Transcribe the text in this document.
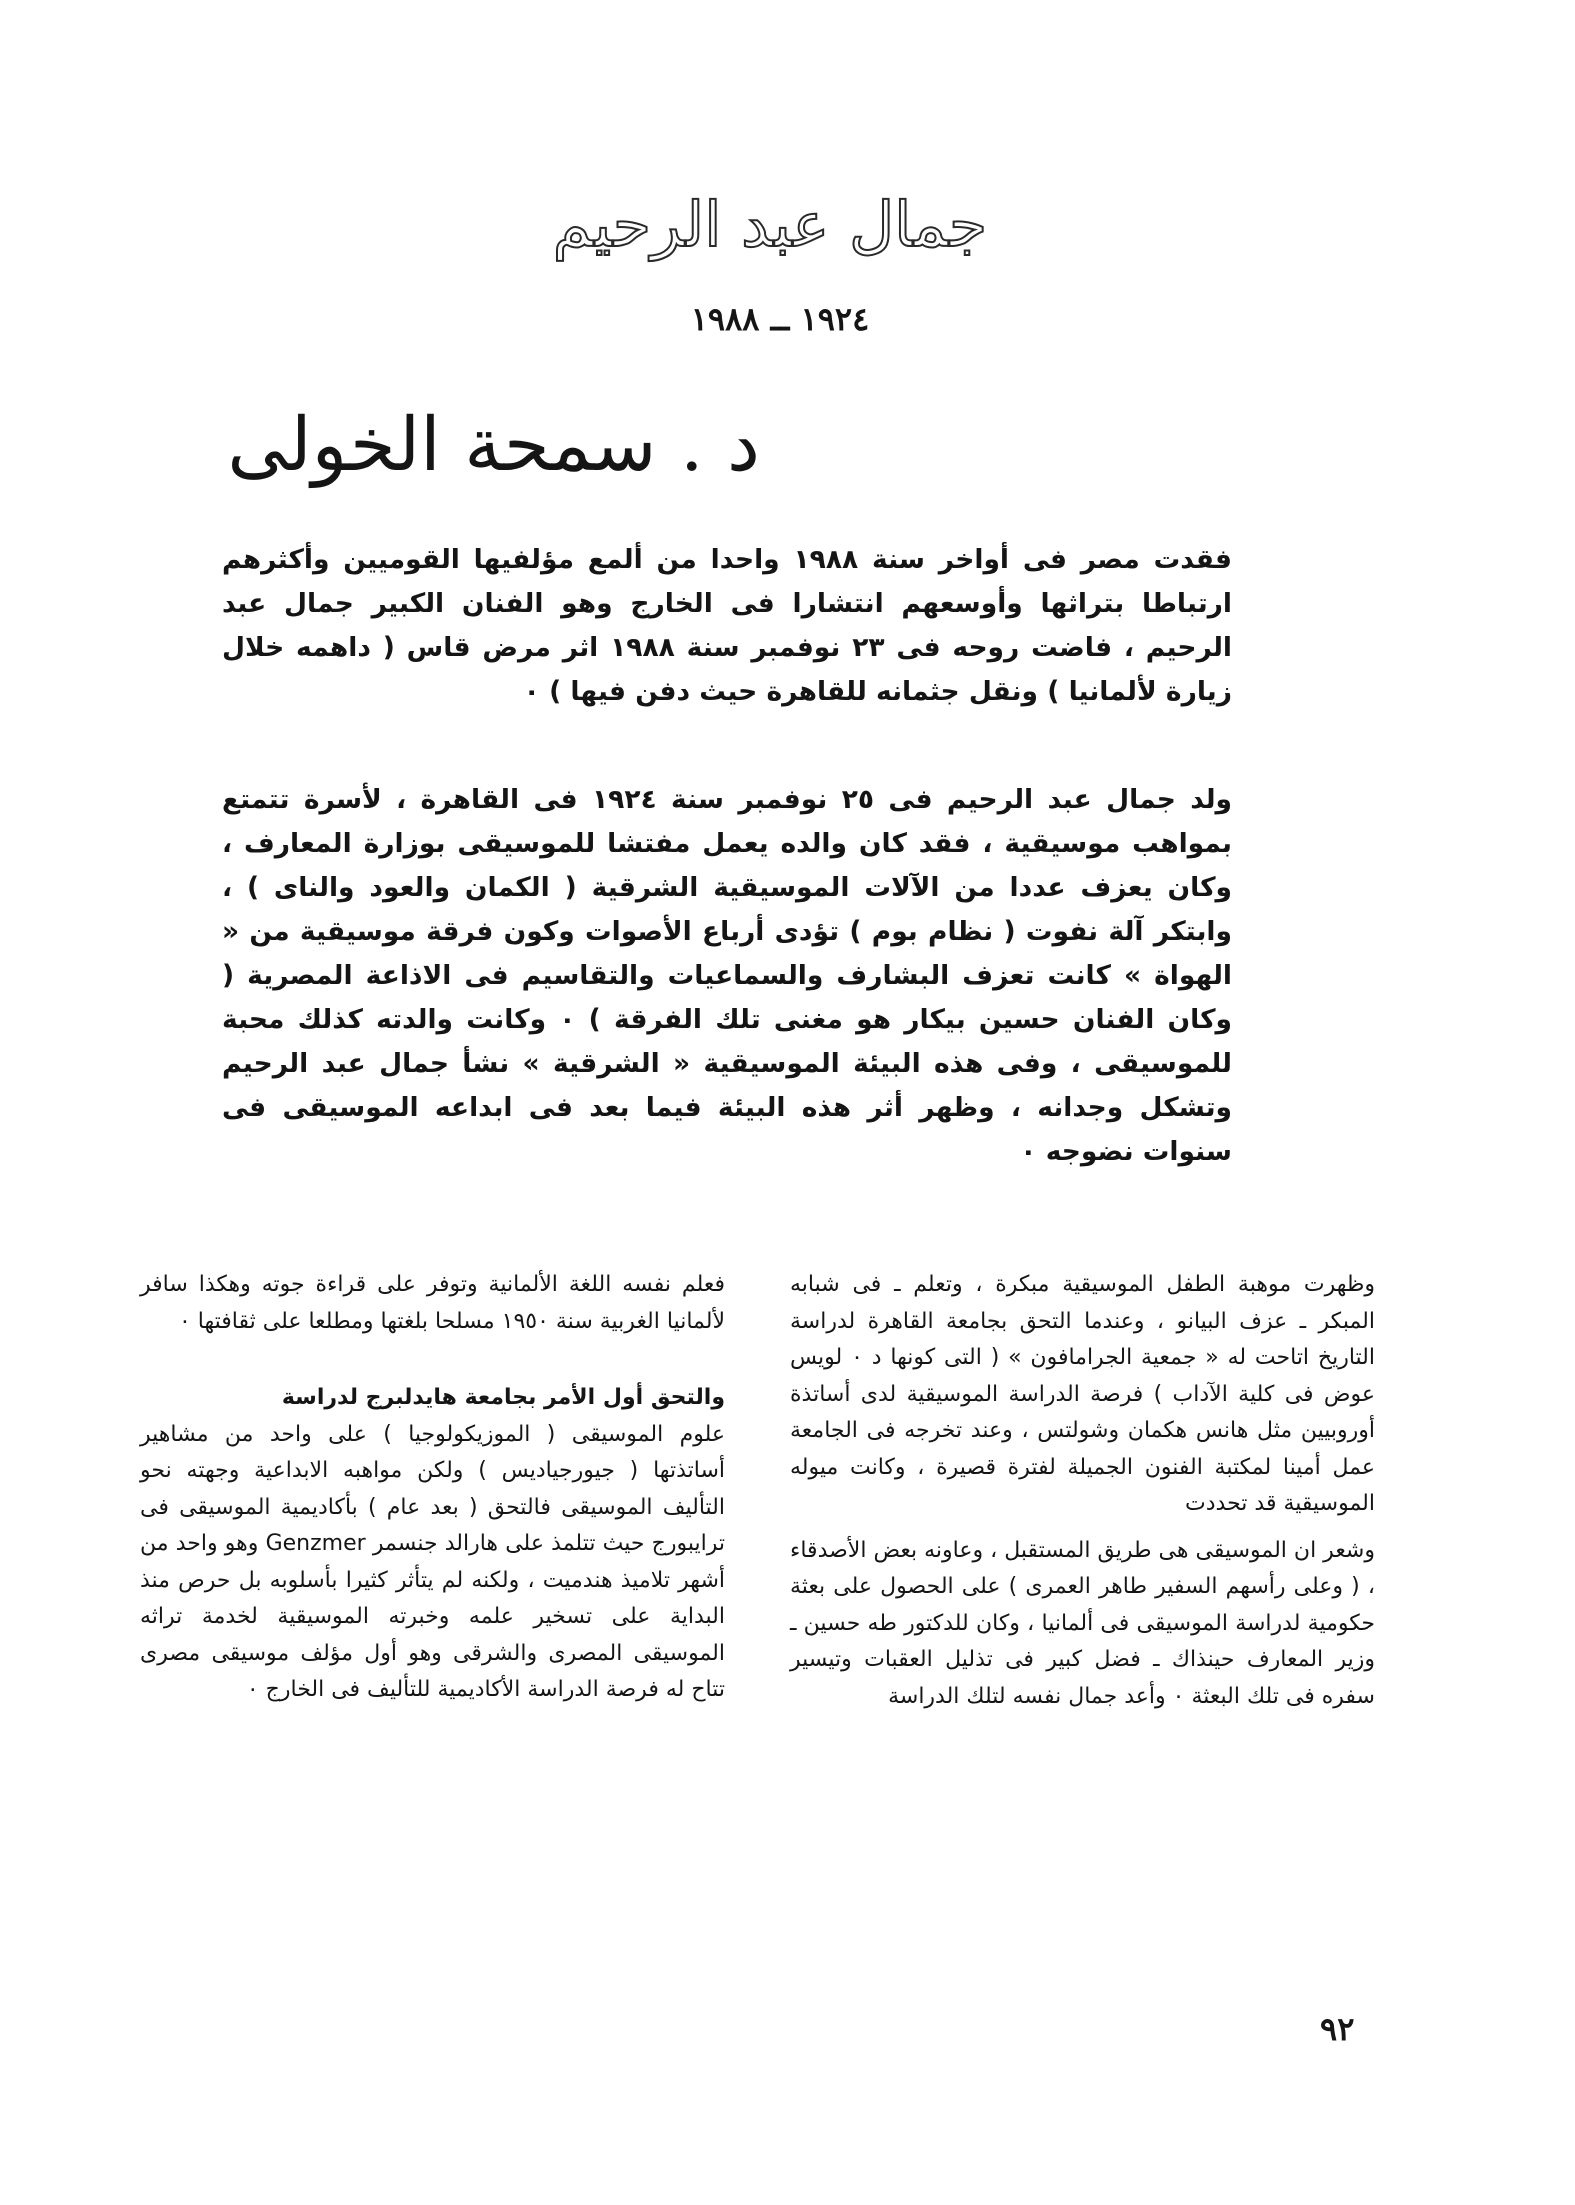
جمال عبد الرحيم
١٩٢٤ ــ ١٩٨٨
د . سمحة الخولى

فقدت مصر فى أواخر سنة ١٩٨٨ واحدا من ألمع مؤلفيها القوميين وأكثرهم ارتباطا بتراثها وأوسعهم انتشارا فى الخارج وهو الفنان الكبير جمال عبد الرحيم ، فاضت روحه فى ٢٣ نوفمبر سنة ١٩٨٨ اثر مرض قاس ( داهمه خلال زيارة لألمانيا ) ونقل جثمانه للقاهرة حيث دفن فيها ) ٠

ولد جمال عبد الرحيم فى ٢٥ نوفمبر سنة ١٩٢٤ فى القاهرة ، لأسرة تتمتع بمواهب موسيقية ، فقد كان والده يعمل مفتشا للموسيقى بوزارة المعارف ، وكان يعزف عددا من الآلات الموسيقية الشرقية ( الكمان والعود والناى ) ، وابتكر آلة نفوت ( نظام بوم ) تؤدى أرباع الأصوات وكون فرقة موسيقية من « الهواة » كانت تعزف البشارف والسماعيات والتقاسيم فى الاذاعة المصرية ( وكان الفنان حسين بيكار هو مغنى تلك الفرقة ) ٠ وكانت والدته كذلك محبة للموسيقى ، وفى هذه البيئة الموسيقية « الشرقية » نشأ جمال عبد الرحيم وتشكل وجدانه ، وظهر أثر هذه البيئة فيما بعد فى ابداعه الموسيقى فى سنوات نضوجه ٠

وظهرت موهبة الطفل الموسيقية مبكرة ، وتعلم ـ فى شبابه المبكر ـ عزف البيانو ، وعندما التحق بجامعة القاهرة لدراسة التاريخ اتاحت له « جمعية الجرامافون » ( التى كونها د ٠ لويس عوض فى كلية الآداب ) فرصة الدراسة الموسيقية لدى أساتذة أوروبيين مثل هانس هكمان وشولتس ، وعند تخرجه فى الجامعة عمل أمينا لمكتبة الفنون الجميلة لفترة قصيرة ، وكانت ميوله الموسيقية قد تحددت

وشعر ان الموسيقى هى طريق المستقبل ، وعاونه بعض الأصدقاء ، ( وعلى رأسهم السفير طاهر العمرى ) على الحصول على بعثة حكومية لدراسة الموسيقى فى ألمانيا ، وكان للدكتور طه حسين ـ وزير المعارف حينذاك ـ فضل كبير فى تذليل العقبات وتيسير سفره فى تلك البعثة ٠ وأعد جمال نفسه لتلك الدراسة

فعلم نفسه اللغة الألمانية وتوفر على قراءة جوته وهكذا سافر لألمانيا الغربية سنة ١٩٥٠ مسلحا بلغتها ومطلعا على ثقافتها ٠

والتحق أول الأمر بجامعة هايدلبرج لدراسة

علوم الموسيقى ( الموزيكولوجيا ) على واحد من مشاهير أساتذتها ( جيورجيادیس ) ولكن مواهبه الابداعية وجهته نحو التأليف الموسيقى فالتحق ( بعد عام ) بأكاديمية الموسيقى فى ترايبورج حيث تتلمذ على هارالد جنسمر Genzmer وهو واحد من أشهر تلاميذ هندميت ، ولكنه لم يتأثر كثيرا بأسلوبه بل حرص منذ البداية على تسخير علمه وخبرته الموسيقية لخدمة تراثه الموسيقى المصرى والشرقى وهو أول مؤلف موسيقى مصرى تتاح له فرصة الدراسة الأكاديمية للتأليف فى الخارج ٠

٩٢
